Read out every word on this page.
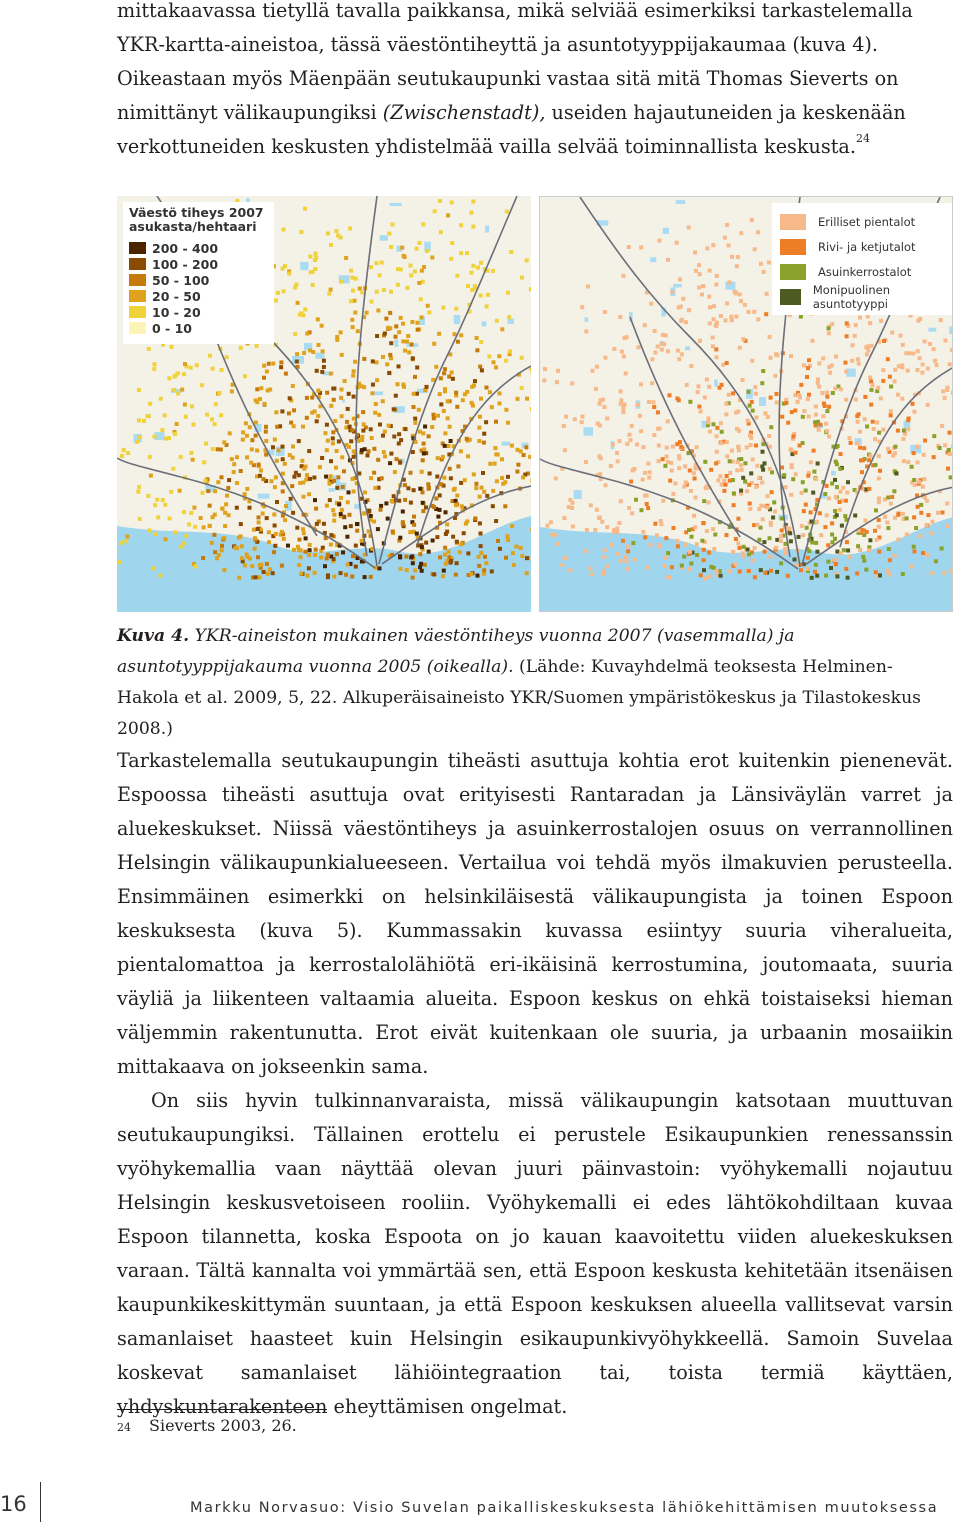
mittakaavassa tietyllä tavalla paikkansa, mikä selviää esimerkiksi tarkastelemalla
YKR-kartta-aineistoa, tässä väestöntiheyttä ja asuntotyyppijakaumaa (kuva 4).
Oikeastaan myös Mäenpään seutukaupunki vastaa sitä mitä Thomas Sieverts on
nimittänyt välikaupungiksi (Zwischenstadt), useiden hajautuneiden ja keskenään
verkottuneiden keskusten yhdistelmää vailla selvää toiminnallista keskusta.$^{24}$
Väestö tiheys 2007
asukasta/hehtaari
200 - 400
100 - 200
50 - 100
20 - 50
10 - 20
0 - 10
Erilliset pientalot
Rivi- ja ketjutalot
Asuinkerrostalot
Monipuolinen asuntotyyppi
Kuva 4. YKR-aineiston mukainen väestöntiheys vuonna 2007 (vasemmalla) ja asuntotyyppijakauma vuonna 2005 (oikealla). (Lähde: Kuvayhdelmä teoksesta Helminen-Hakola et al. 2009, 5, 22. Alkuperäisaineisto YKR/Suomen ympäristökeskus ja Tilastokeskus 2008.)

Tarkastelemalla seutukaupungin tiheästi asuttuja kohtia erot kuitenkin pienenevät. Espoossa tiheästi asuttuja ovat erityisesti Rantaradan ja Länsiväylän varret ja aluekeskukset. Niissä väestöntiheys ja asuinkerrostalojen osuus on verrannollinen Helsingin välikaupunkialueeseen. Vertailua voi tehdä myös ilmakuvien perusteella. Ensimmäinen esimerkki on helsinkiläisestä välikaupungista ja toinen Espoon keskuksesta (kuva 5). Kummassakin kuvassa esiintyy suuria viheralueita, pientalomattoa ja kerrostalolähiötä eri-ikäisinä kerrostumina, joutomaata, suuria väyliä ja liikenteen valtaamia alueita. Espoon keskus on ehkä toistaiseksi hieman väljemmin rakentunutta. Erot eivät kuitenkaan ole suuria, ja urbaanin mosaiikin mittakaava on jokseenkin sama.

On siis hyvin tulkinnanvaraista, missä välikaupungin katsotaan muuttuvan seutukaupungiksi. Tällainen erottelu ei perustele Esikaupunkien renessanssin vyöhykemallia vaan näyttää olevan juuri päinvastoin: vyöhykemalli nojautuu Helsingin keskusvetoiseen rooliin. Vyöhykemalli ei edes lähtökohdiltaan kuvaa Espoon tilannetta, koska Espoota on jo kauan kaavoitettu viiden aluekeskuksen varaan. Tältä kannalta voi ymmärtää sen, että Espoon keskusta kehitetään itsenäisen kaupunkikeskittymän suuntaan, ja että Espoon keskuksen alueella vallitsevat varsin samanlaiset haasteet kuin Helsingin esikaupunkivyöhykkeellä. Samoin Suvelaa koskevat samanlaiset lähiöintegraation tai, toista termiä käyttäen, yhdyskuntarakenteen eheyttämisen ongelmat.

24 Sieverts 2003, 26.
16	Markku Norvasuo: Visio Suvelan paikalliskeskuksesta lähiökehittämisen muutoksessa
